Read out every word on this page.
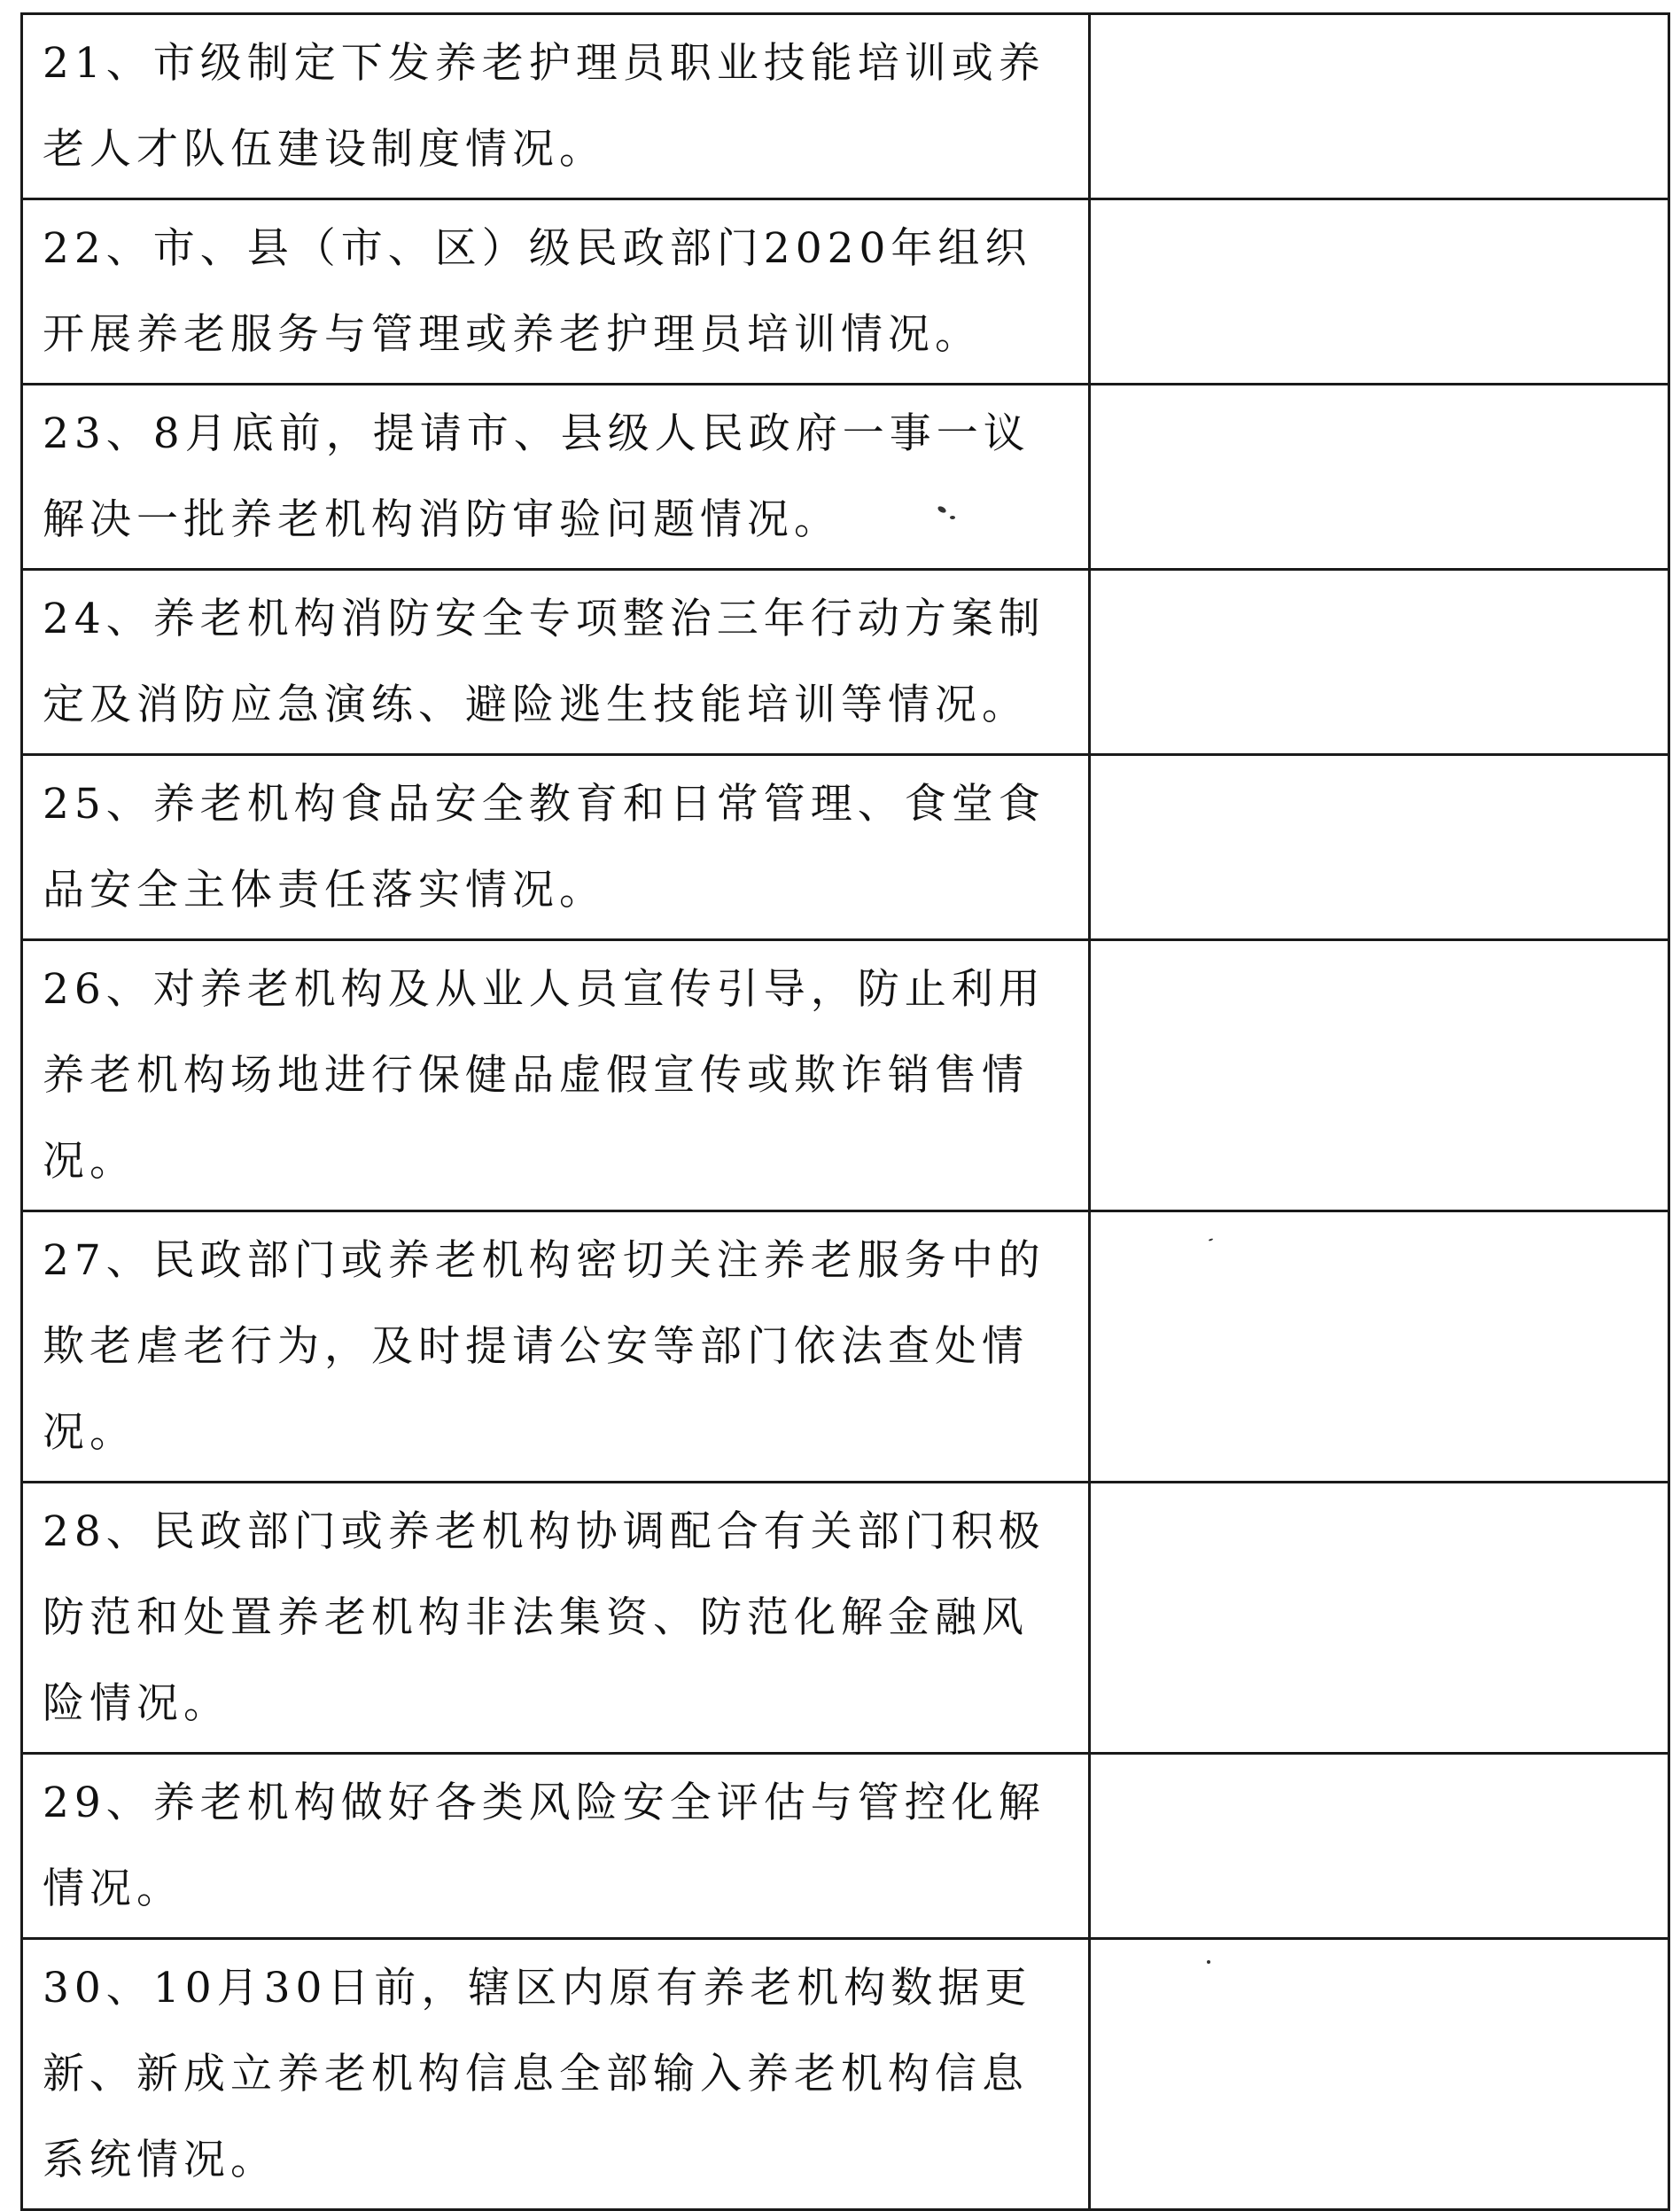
21、市级制定下发养老护理员职业技能培训或养老人才队伍建设制度情况。	

22、市、县（市、区）级民政部门2020年组织开展养老服务与管理或养老护理员培训情况。	

23、8月底前，提请市、县级人民政府一事一议解决一批养老机构消防审验问题情况。	

24、养老机构消防安全专项整治三年行动方案制定及消防应急演练、避险逃生技能培训等情况。	

25、养老机构食品安全教育和日常管理、食堂食品安全主体责任落实情况。	

26、对养老机构及从业人员宣传引导，防止利用养老机构场地进行保健品虚假宣传或欺诈销售情况。	

27、民政部门或养老机构密切关注养老服务中的欺老虐老行为，及时提请公安等部门依法查处情况。	

28、民政部门或养老机构协调配合有关部门积极防范和处置养老机构非法集资、防范化解金融风险情况。	

29、养老机构做好各类风险安全评估与管控化解情况。	

30、10月30日前，辖区内原有养老机构数据更新、新成立养老机构信息全部输入养老机构信息系统情况。	
